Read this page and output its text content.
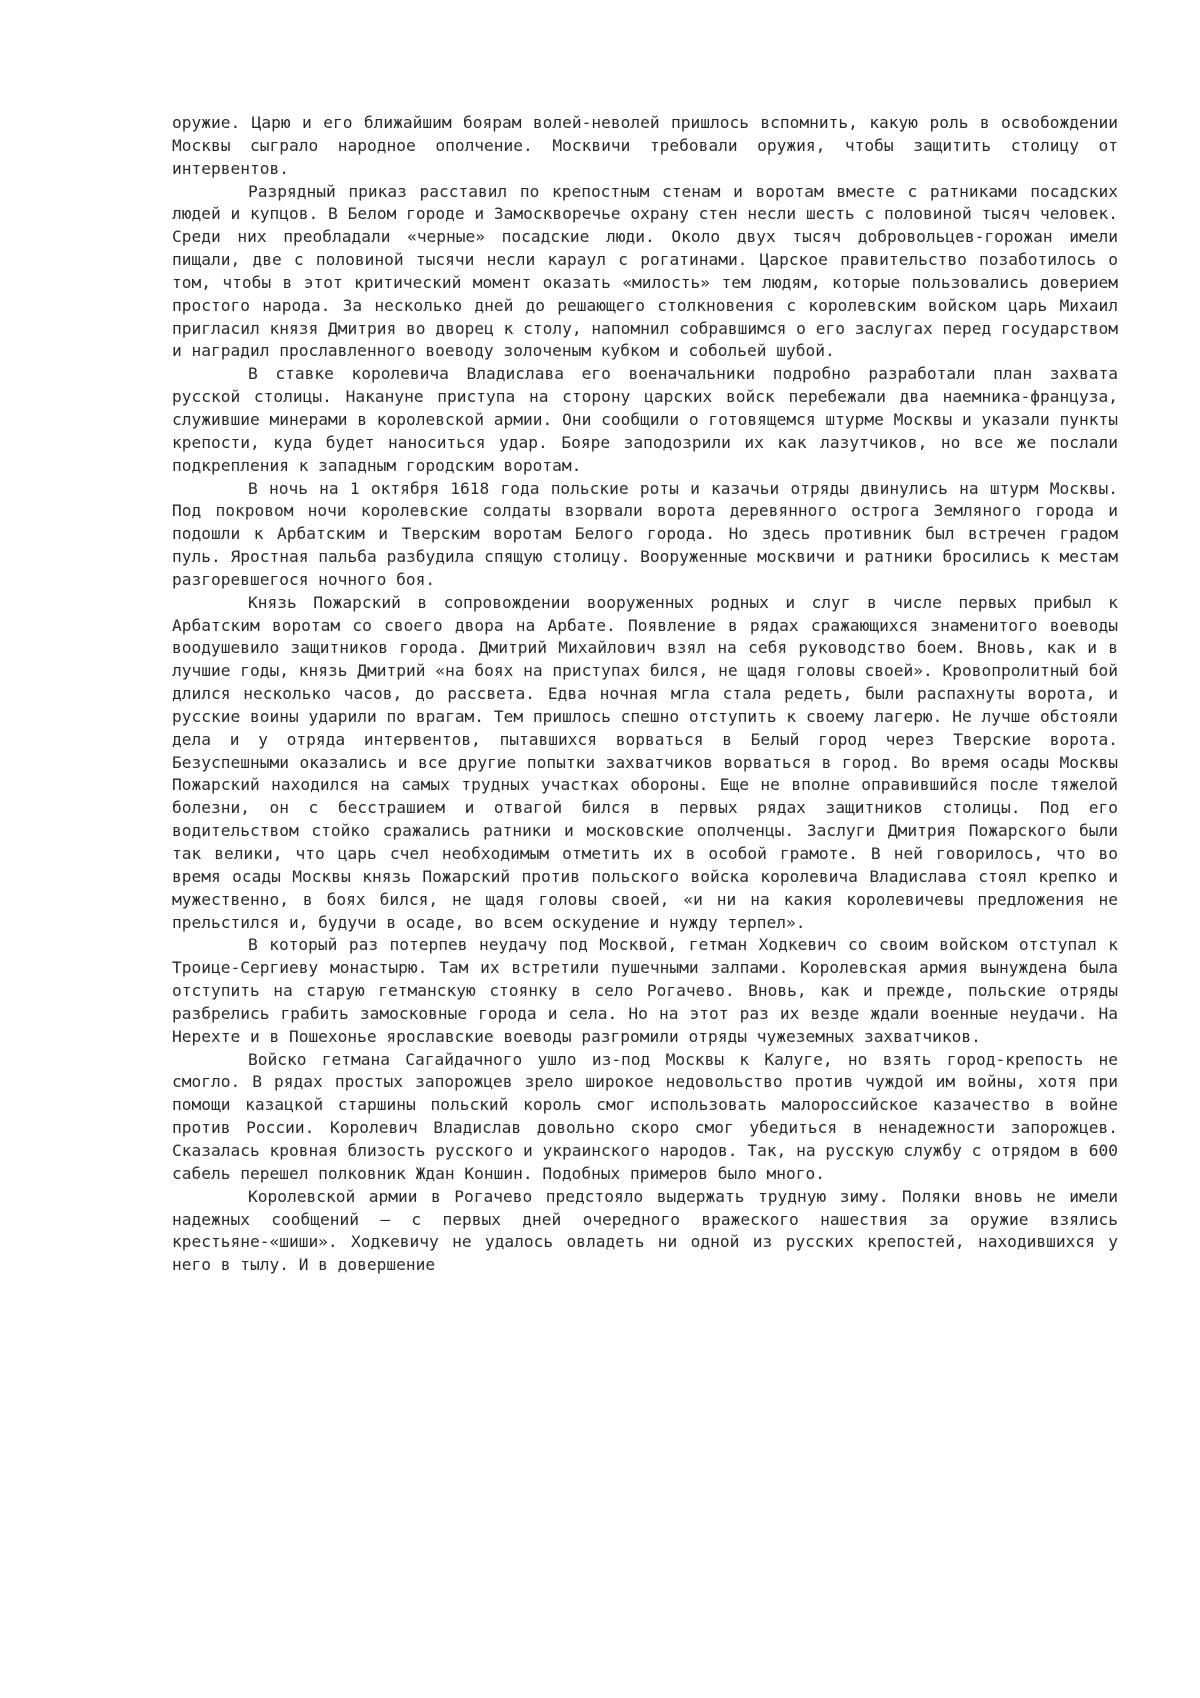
оружие. Царю и его ближайшим боярам волей-неволей пришлось вспомнить, какую роль в освобождении Москвы сыграло народное ополчение. Москвичи требовали оружия, чтобы защитить столицу от интервентов.

Разрядный приказ расставил по крепостным стенам и воротам вместе с ратниками посадских людей и купцов. В Белом городе и Замоскворечье охрану стен несли шесть с половиной тысяч человек. Среди них преобладали «черные» посадские люди. Около двух тысяч добровольцев-горожан имели пищали, две с половиной тысячи несли караул с рогатинами. Царское правительство позаботилось о том, чтобы в этот критический момент оказать «милость» тем людям, которые пользовались доверием простого народа. За несколько дней до решающего столкновения с королевским войском царь Михаил пригласил князя Дмитрия во дворец к столу, напомнил собравшимся о его заслугах перед государством и наградил прославленного воеводу золоченым кубком и собольей шубой.

В ставке королевича Владислава его военачальники подробно разработали план захвата русской столицы. Накануне приступа на сторону царских войск перебежали два наемника-француза, служившие минерами в королевской армии. Они сообщили о готовящемся штурме Москвы и указали пункты крепости, куда будет наноситься удар. Бояре заподозрили их как лазутчиков, но все же послали подкрепления к западным городским воротам.

В ночь на 1 октября 1618 года польские роты и казачьи отряды двинулись на штурм Москвы. Под покровом ночи королевские солдаты взорвали ворота деревянного острога Земляного города и подошли к Арбатским и Тверским воротам Белого города. Но здесь противник был встречен градом пуль. Яростная пальба разбудила спящую столицу. Вооруженные москвичи и ратники бросились к местам разгоревшегося ночного боя.

Князь Пожарский в сопровождении вооруженных родных и слуг в числе первых прибыл к Арбатским воротам со своего двора на Арбате. Появление в рядах сражающихся знаменитого воеводы воодушевило защитников города. Дмитрий Михайлович взял на себя руководство боем. Вновь, как и в лучшие годы, князь Дмитрий «на боях на приступах бился, не щадя головы своей». Кровопролитный бой длился несколько часов, до рассвета. Едва ночная мгла стала редеть, были распахнуты ворота, и русские воины ударили по врагам. Тем пришлось спешно отступить к своему лагерю. Не лучше обстояли дела и у отряда интервентов, пытавшихся ворваться в Белый город через Тверские ворота. Безуспешными оказались и все другие попытки захватчиков ворваться в город. Во время осады Москвы Пожарский находился на самых трудных участках обороны. Еще не вполне оправившийся после тяжелой болезни, он с бесстрашием и отвагой бился в первых рядах защитников столицы. Под его водительством стойко сражались ратники и московские ополченцы. Заслуги Дмитрия Пожарского были так велики, что царь счел необходимым отметить их в особой грамоте. В ней говорилось, что во время осады Москвы князь Пожарский против польского войска королевича Владислава стоял крепко и мужественно, в боях бился, не щадя головы своей, «и ни на какия королевичевы предложения не прельстился и, будучи в осаде, во всем оскудение и нужду терпел».

В который раз потерпев неудачу под Москвой, гетман Ходкевич со своим войском отступал к Троице-Сергиеву монастырю. Там их встретили пушечными залпами. Королевская армия вынуждена была отступить на старую гетманскую стоянку в село Рогачево. Вновь, как и прежде, польские отряды разбрелись грабить замосковные города и села. Но на этот раз их везде ждали военные неудачи. На Нерехте и в Пошехонье ярославские воеводы разгромили отряды чужеземных захватчиков.

Войско гетмана Сагайдачного ушло из-под Москвы к Калуге, но взять город-крепость не смогло. В рядах простых запорожцев зрело широкое недовольство против чуждой им войны, хотя при помощи казацкой старшины польский король смог использовать малороссийское казачество в войне против России. Королевич Владислав довольно скоро смог убедиться в ненадежности запорожцев. Сказалась кровная близость русского и украинского народов. Так, на русскую службу с отрядом в 600 сабель перешел полковник Ждан Коншин. Подобных примеров было много.

Королевской армии в Рогачево предстояло выдержать трудную зиму. Поляки вновь не имели надежных сообщений – с первых дней очередного вражеского нашествия за оружие взялись крестьяне-«шиши». Ходкевичу не удалось овладеть ни одной из русских крепостей, находившихся у него в тылу. И в довершение
